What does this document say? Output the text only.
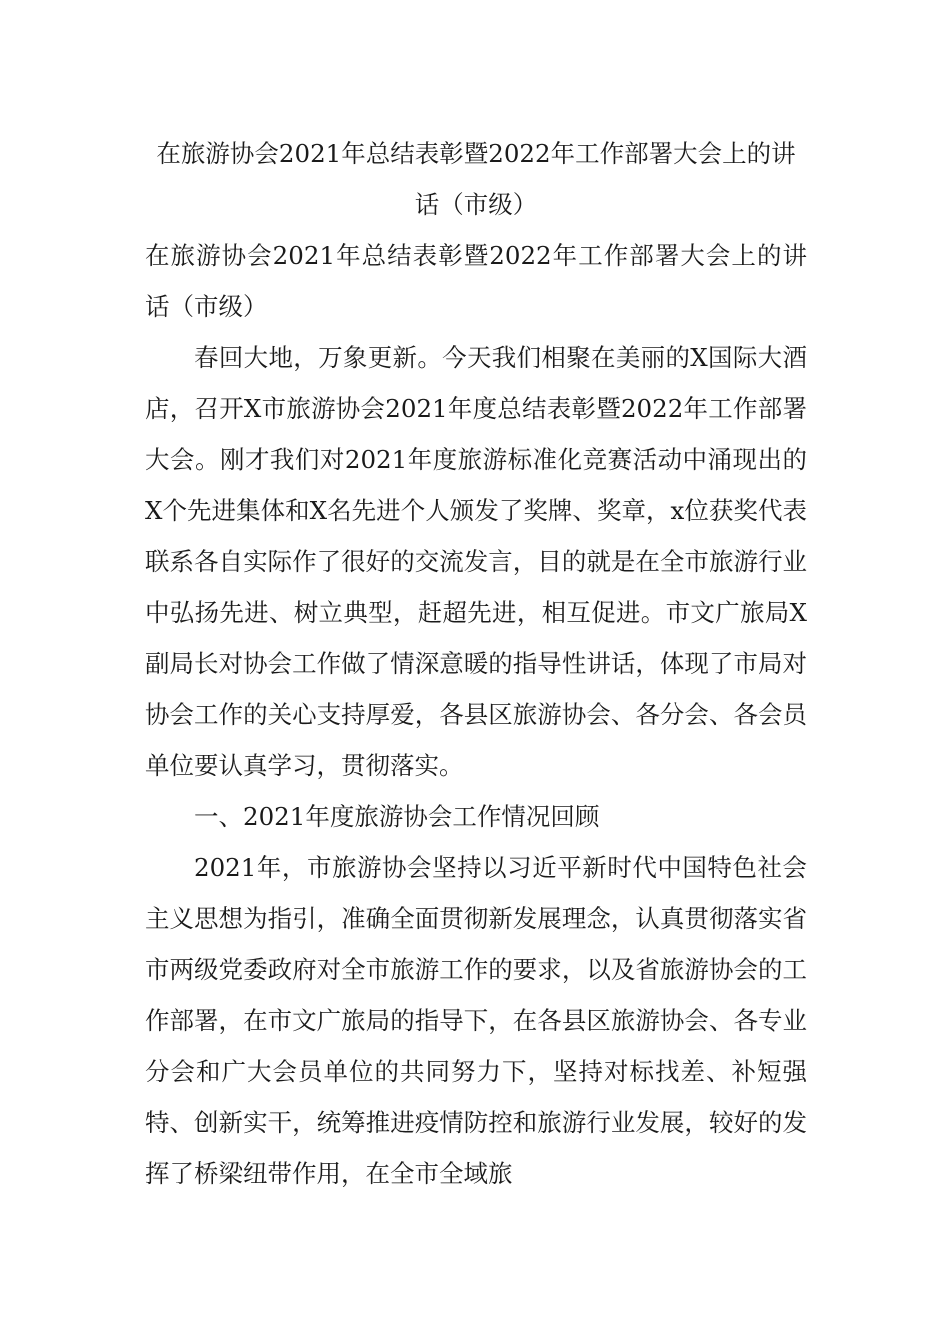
在旅游协会2021年总结表彰暨2022年工作部署大会上的讲话（市级）

在旅游协会2021年总结表彰暨2022年工作部署大会上的讲话（市级）

春回大地，万象更新。今天我们相聚在美丽的X国际大酒店，召开X市旅游协会2021年度总结表彰暨2022年工作部署大会。刚才我们对2021年度旅游标准化竞赛活动中涌现出的X个先进集体和X名先进个人颁发了奖牌、奖章，x位获奖代表联系各自实际作了很好的交流发言，目的就是在全市旅游行业中弘扬先进、树立典型，赶超先进，相互促进。市文广旅局X副局长对协会工作做了情深意暖的指导性讲话，体现了市局对协会工作的关心支持厚爱，各县区旅游协会、各分会、各会员单位要认真学习，贯彻落实。

一、2021年度旅游协会工作情况回顾

2021年，市旅游协会坚持以习近平新时代中国特色社会主义思想为指引，准确全面贯彻新发展理念，认真贯彻落实省市两级党委政府对全市旅游工作的要求，以及省旅游协会的工作部署，在市文广旅局的指导下，在各县区旅游协会、各专业分会和广大会员单位的共同努力下，坚持对标找差、补短强特、创新实干，统筹推进疫情防控和旅游行业发展，较好的发挥了桥梁纽带作用，在全市全域旅
